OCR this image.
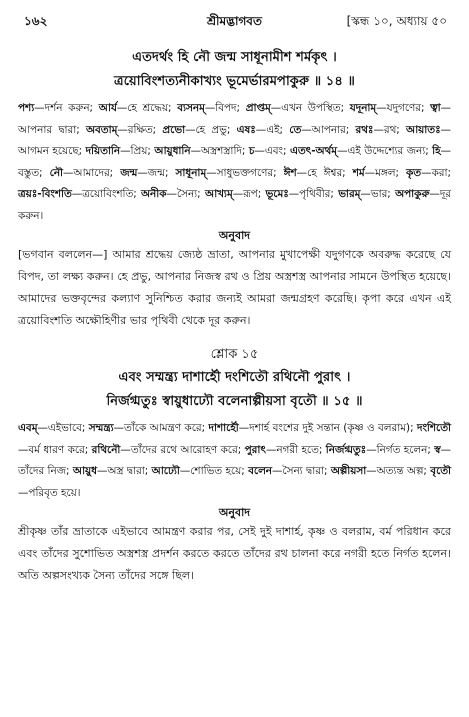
১৬২	শ্রীমদ্ভাগবত	[স্কন্ধ ১০, অধ্যায় ৫০
এতদর্থং হি নৌ জন্ম সাধূনামীশ শর্মকৃৎ ।
ত্রয়োবিংশত্যনীকাখ্যং ভূমের্ভারমপাকুরু ॥ ১৪ ॥
পশ্য—দর্শন করুন; আর্য—হে শ্রদ্ধেয়; ব্যসনম্—বিপদ; প্রাপ্তম্—এখন উপস্থিত; যদূনাম্—যদুগণের; ত্বা—আপনার দ্বারা; অবতাম্—রক্ষিত; প্রভো—হে প্রভু; এষঃ—এই; তে—আপনার; রথঃ—রথ; আয়াতঃ—আগমন হয়েছে; দয়িতানি—প্রিয়; আয়ুধানি—অস্ত্রশস্ত্রাদি; চ—এবং; এতৎ-অর্থম্—এই উদ্দেশ্যের জন্য; হি—বস্তুত; নৌ—আমাদের; জন্ম—জন্ম; সাধূনাম্—সাধুভক্তগণের; ঈশ—হে ঈশ্বর; শর্ম—মঙ্গল; কৃত—করা; ত্রয়ঃ-বিংশতি—ত্রয়োবিংশতি; অনীক—সৈন্য; আখ্যম্—রূপ; ভূমেঃ—পৃথিবীর; ভারম্—ভার; অপাকুরু—দূর করুন।
অনুবাদ
[ভগবান বললেন—] আমার শ্রদ্ধেয় জ্যেষ্ঠ ভ্রাতা, আপনার মুখাপেক্ষী যদুগণকে অবরুদ্ধ করেছে যে বিপদ, তা লক্ষ্য করুন। হে প্রভু, আপনার নিজস্ব রথ ও প্রিয় অস্ত্রশস্ত্র আপনার সামনে উপস্থিত হয়েছে। আমাদের ভক্তবৃন্দের কল্যাণ সুনিশ্চিত করার জন্যই আমরা জন্মগ্রহণ করেছি। কৃপা করে এখন এই ত্রয়োবিংশতি অক্ষৌহিণীর ভার পৃথিবী থেকে দূর করুন।
শ্লোক ১৫
এবং সম্মন্ত্র্য দাশার্হৌ দংশিতৌ রথিনৌ পুরাৎ ।
নির্জগ্মতুঃ স্বায়ুধাঢ্যৌ বলেনাল্পীয়সা বৃতৌ ॥ ১৫ ॥
এবম্—এইভাবে; সম্মন্ত্র্য—তাঁকে আমন্ত্রণ করে; দাশার্হৌ—দশার্হ বংশের দুই সন্তান (কৃষ্ণ ও বলরাম); দংশিতৌ—বর্ম ধারণ করে; রথিনৌ—তাঁদের রথে আরোহণ করে; পুরাৎ—নগরী হতে; নির্জগ্মতুঃ—নির্গত হলেন; স্ব—তাঁদের নিজ; আয়ুধ—অস্ত্র দ্বারা; আঢ্যৌ—শোভিত হয়ে; বলেন—সৈন্য দ্বারা; অল্পীয়সা—অত্যন্ত অল্প; বৃতৌ—পরিবৃত হয়ে।
অনুবাদ
শ্রীকৃষ্ণ তাঁর ভ্রাতাকে এইভাবে আমন্ত্রণ করার পর, সেই দুই দাশার্হ, কৃষ্ণ ও বলরাম, বর্ম পরিধান করে এবং তাঁদের সুশোভিত অস্ত্রশস্ত্র প্রদর্শন করতে করতে তাঁদের রথ চালনা করে নগরী হতে নির্গত হলেন। অতি অল্পসংখ্যক সৈন্য তাঁদের সঙ্গে ছিল।
